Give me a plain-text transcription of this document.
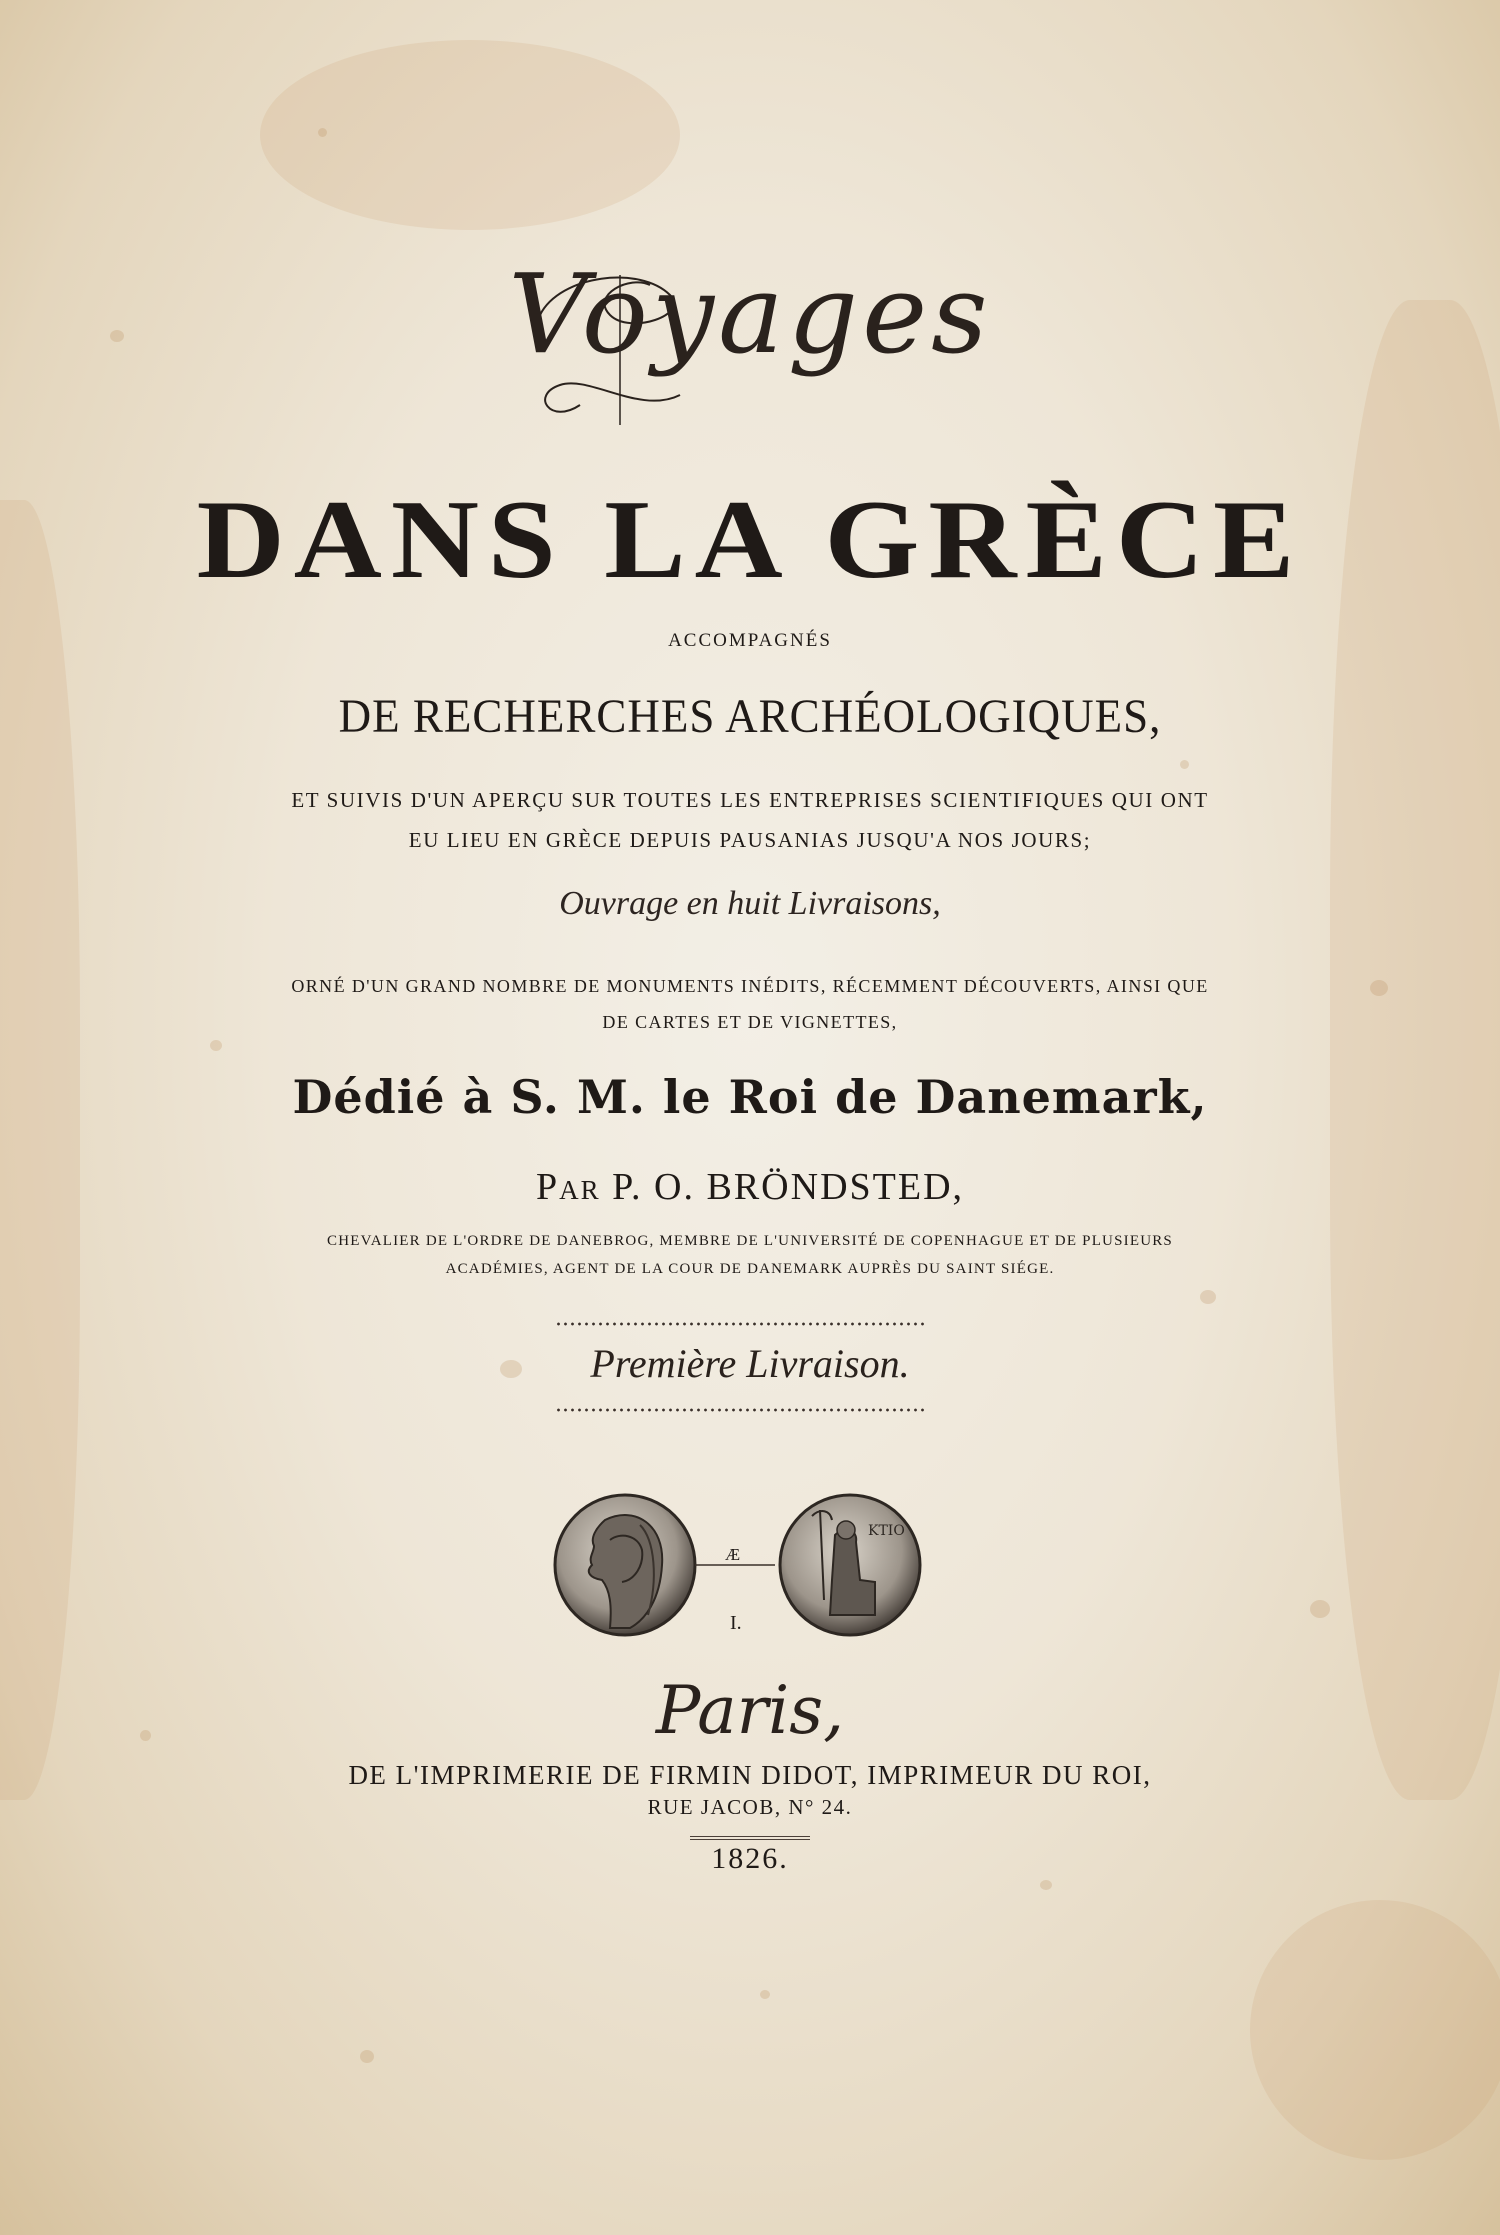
Voyages
DANS LA GRÈCE
ACCOMPAGNÉS
DE RECHERCHES ARCHÉOLOGIQUES,
ET SUIVIS D'UN APERÇU SUR TOUTES LES ENTREPRISES SCIENTIFIQUES QUI ONT EU LIEU EN GRÈCE DEPUIS PAUSANIAS JUSQU'A NOS JOURS;
Ouvrage en huit Livraisons,
ORNÉ D'UN GRAND NOMBRE DE MONUMENTS INÉDITS, RÉCEMMENT DÉCOUVERTS, AINSI QUE DE CARTES ET DE VIGNETTES,
Dédié à S. M. le Roi de Danemark,
Par P. O. BRÖNDSTED,
CHEVALIER DE L'ORDRE DE DANEBROG, MEMBRE DE L'UNIVERSITÉ DE COPENHAGUE ET DE PLUSIEURS ACADÉMIES, AGENT DE LA COUR DE DANEMARK AUPRÈS DU SAINT SIÉGE.
Première Livraison.
ΚΤΙΟ
Æ
I.
Paris,
DE L'IMPRIMERIE DE FIRMIN DIDOT, IMPRIMEUR DU ROI,
RUE JACOB, N° 24.
1826.
